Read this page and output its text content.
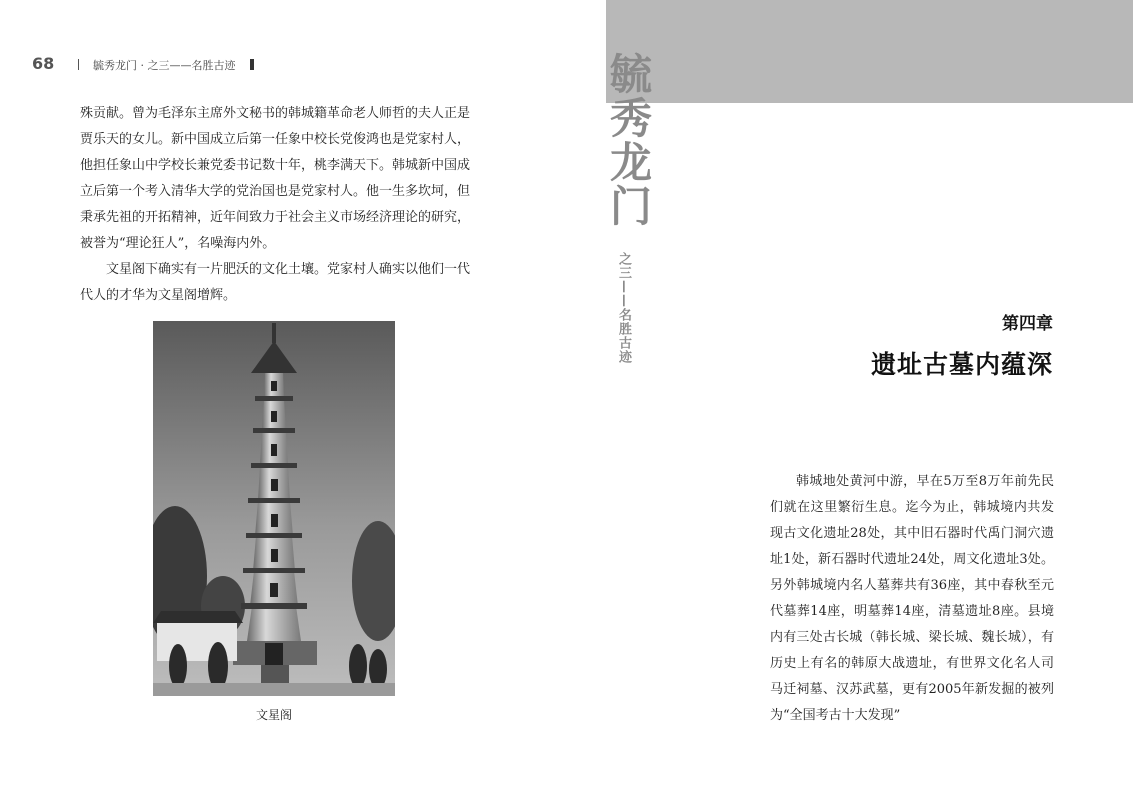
68	毓秀龙门 · 之三——名胜古迹

殊贡献。曾为毛泽东主席外文秘书的韩城籍革命老人师哲的夫人正是贾乐天的女儿。新中国成立后第一任象中校长党俊鸿也是党家村人，他担任象山中学校长兼党委书记数十年，桃李满天下。韩城新中国成立后第一个考入清华大学的党治国也是党家村人。他一生多坎坷，但秉承先祖的开拓精神，近年间致力于社会主义市场经济理论的研究，被誉为“理论狂人”，名噪海内外。

文星阁下确实有一片肥沃的文化土壤。党家村人确实以他们一代代人的才华为文星阁增辉。

文星阁
毓秀龙门
之三——名胜古迹	第四章
遗址古墓内蕴深

韩城地处黄河中游，早在5万至8万年前先民们就在这里繁衍生息。迄今为止，韩城境内共发现古文化遗址28处，其中旧石器时代禹门洞穴遗址1处，新石器时代遗址24处，周文化遗址3处。另外韩城境内名人墓葬共有36座，其中春秋至元代墓葬14座，明墓葬14座，清墓遗址8座。县境内有三处古长城（韩长城、梁长城、魏长城），有历史上有名的韩原大战遗址，有世界文化名人司马迁祠墓、汉苏武墓，更有2005年新发掘的被列为“全国考古十大发现”
